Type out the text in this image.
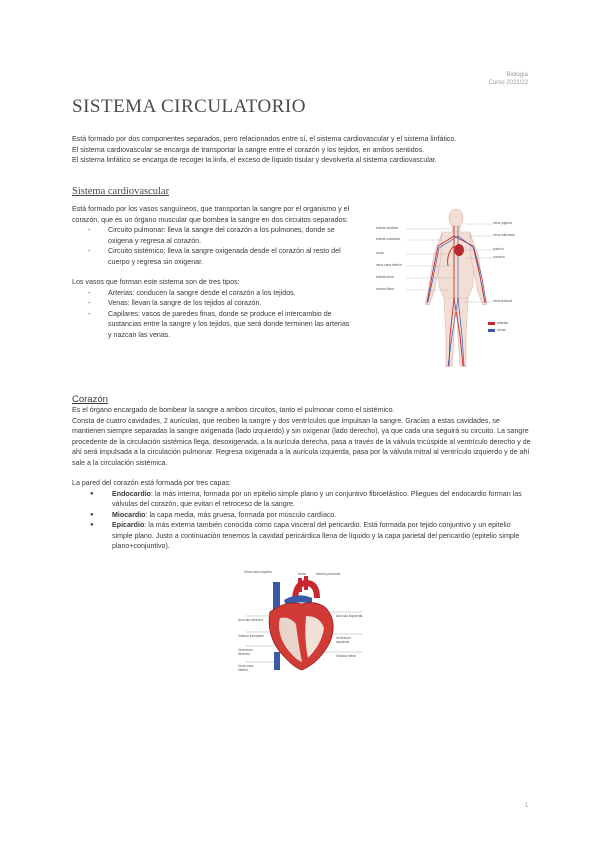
Biología
Curso 2021/22
SISTEMA CIRCULATORIO

Está formado por dos componentes separados, pero relacionados entre sí, el sistema cardiovascular y el sistema linfático.

El sistema cardiovascular se encarga de transportar la sangre entre el corazón y los tejidos, en ambos sentidos.

El sistema linfático se encarga de recoger la linfa, el exceso de líquido tisular y devolverla al sistema cardiovascular.

Sistema cardiovascular

Está formado por los vasos sanguíneos, que transportan la sangre por el organismo y el corazón, que es un órgano muscular que bombea la sangre en dos circuitos separados:

- Circuito pulmonar: lleva la sangre del corazón a los pulmones, donde se oxigena y regresa al corazón.
- Circuito sistémico: lleva la sangre oxigenada desde el corazón al resto del cuerpo y regresa sin oxigenar.

Los vasos que forman este sistema son de tres tipos:

- Arterias: conducen la sangre desde el corazón a los tejidos.
- Venas: llevan la sangre de los tejidos al corazón.
- Capilares: vasos de paredes finas, donde se produce el intercambio de sustancias entre la sangre y los tejidos, que será donde terminen las arterias y nazcan las venas.
arteria carótida
arteria subclavia
aorta
vena cava inferior
arteria renal
arteria ilíaca
vena yugular
vena subclavia
pulmón
corazón
vena femoral
arterias
venas
Corazón

Es el órgano encargado de bombear la sangre a ambos circuitos, tanto el pulmonar como el sistémico.

Consta de cuatro cavidades, 2 aurículas, que reciben la sangre y dos ventrículos que impulsan la sangre. Gracias a estas cavidades, se mantienen siempre separadas la sangre oxigenada (lado izquierdo) y sin oxigenar (lado derecho), ya que cada una seguirá su circuito. La sangre procedente de la circulación sistémica llega, desoxigenada, a la aurícula derecha, pasa a través de la válvula tricúspide al ventrículo derecho y de ahí será impulsada a la circulación pulmonar. Regresa oxigenada a la aurícula izquierda, pasa por la válvula mitral al ventrículo izquierdo y de ahí sale a la circulación sistémica.

La pared del corazón está formada por tres capas:

● Endocardio: la más interna, formada por un epitelio simple plano y un conjuntivo fibroelástico. Pliegues del endocardio forman las válvulas del corazón, que evitan el retroceso de la sangre.
● Miocardio: la capa media, más gruesa, formada por músculo cardíaco.
● Epicardio: la más externa también conocida como capa visceral del pericardio. Está formada por tejido conjuntivo y un epitelio simple plano. Justo a continuación tenemos la cavidad pericárdica llena de líquido y la capa parietal del pericardio (epitelio simple plano+conjuntivo).
Vena cava superior	Aorta	Arteria pulmonar
Aurícula derecha
Válvula tricúspide
Ventrículo derecho
Vena cava inferior
Aurícula izquierda
Ventrículo izquierdo
Válvula mitral
1
